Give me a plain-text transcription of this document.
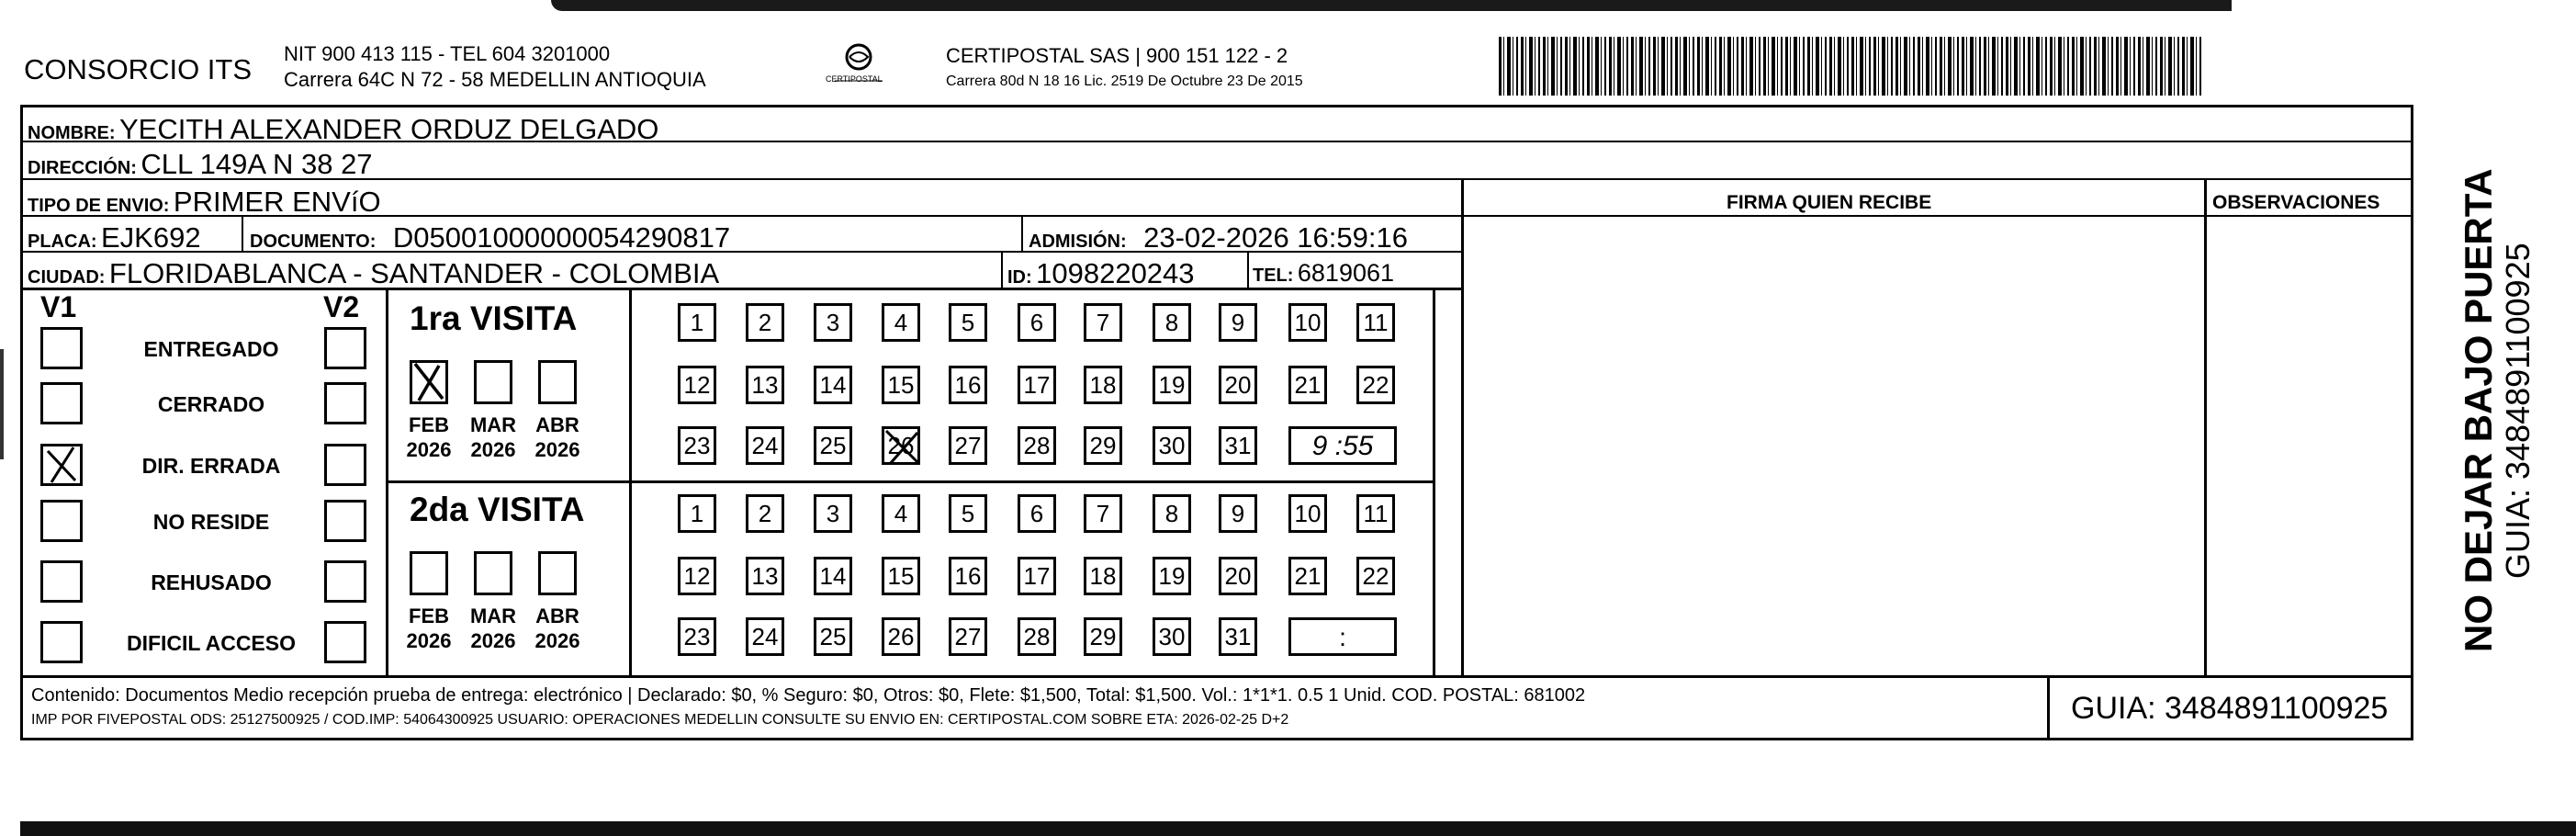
CONSORCIO ITS NIT 900 413 115 - TEL 604 3201000
Carrera 64C N 72 - 58 MEDELLIN ANTIOQUIA	CERTIPOSTAL
CERTIPOSTAL SAS | 900 151 122 - 2
Carrera 80d N 18 16 Lic. 2519 De Octubre 23 De 2015
NOMBRE: YECITH ALEXANDER ORDUZ DELGADO
DIRECCIÓN: CLL 149A N 38 27
TIPO DE ENVIO: PRIMER ENVíO	FIRMA QUIEN RECIBE	OBSERVACIONES
PLACA: EJK692	DOCUMENTO: D05001000000054290817	ADMISIÓN: 23-02-2026 16:59:16
CIUDAD: FLORIDABLANCA - SANTANDER - COLOMBIA	ID: 1098220243	TEL: 6819061
V1	V2
ENTREGADO
CERRADO
DIR. ERRADA
NO RESIDE
REHUSADO
DIFICIL ACCESO
1ra VISITA
FEB
2026
MAR
2026
ABR
2026
1	2	3	4	5	6	7	8	9	10 11
12 13 14 15 16 17 18 19 20 21 22
23 24 25 26 27 28 29 30 31	9 :55
2da VISITA
FEB
2026
MAR
2026
ABR
2026
1	2	3	4	5	6	7	8	9	10 11
12 13 14 15 16 17 18 19 20 21 22
23 24 25 26 27 28 29 30 31	:
Contenido: Documentos Medio recepción prueba de entrega: electrónico | Declarado: $0, % Seguro: $0, Otros: $0, Flete: $1,500, Total: $1,500. Vol.: 1*1*1. 0.5 1 Unid. COD. POSTAL: 681002
IMP POR FIVEPOSTAL ODS: 25127500925 / COD.IMP: 54064300925 USUARIO: OPERACIONES MEDELLIN CONSULTE SU ENVIO EN: CERTIPOSTAL.COM SOBRE ETA: 2026-02-25 D+2	GUIA: 3484891100925
NO DEJAR BAJO PUERTA GUIA: 3484891100925
